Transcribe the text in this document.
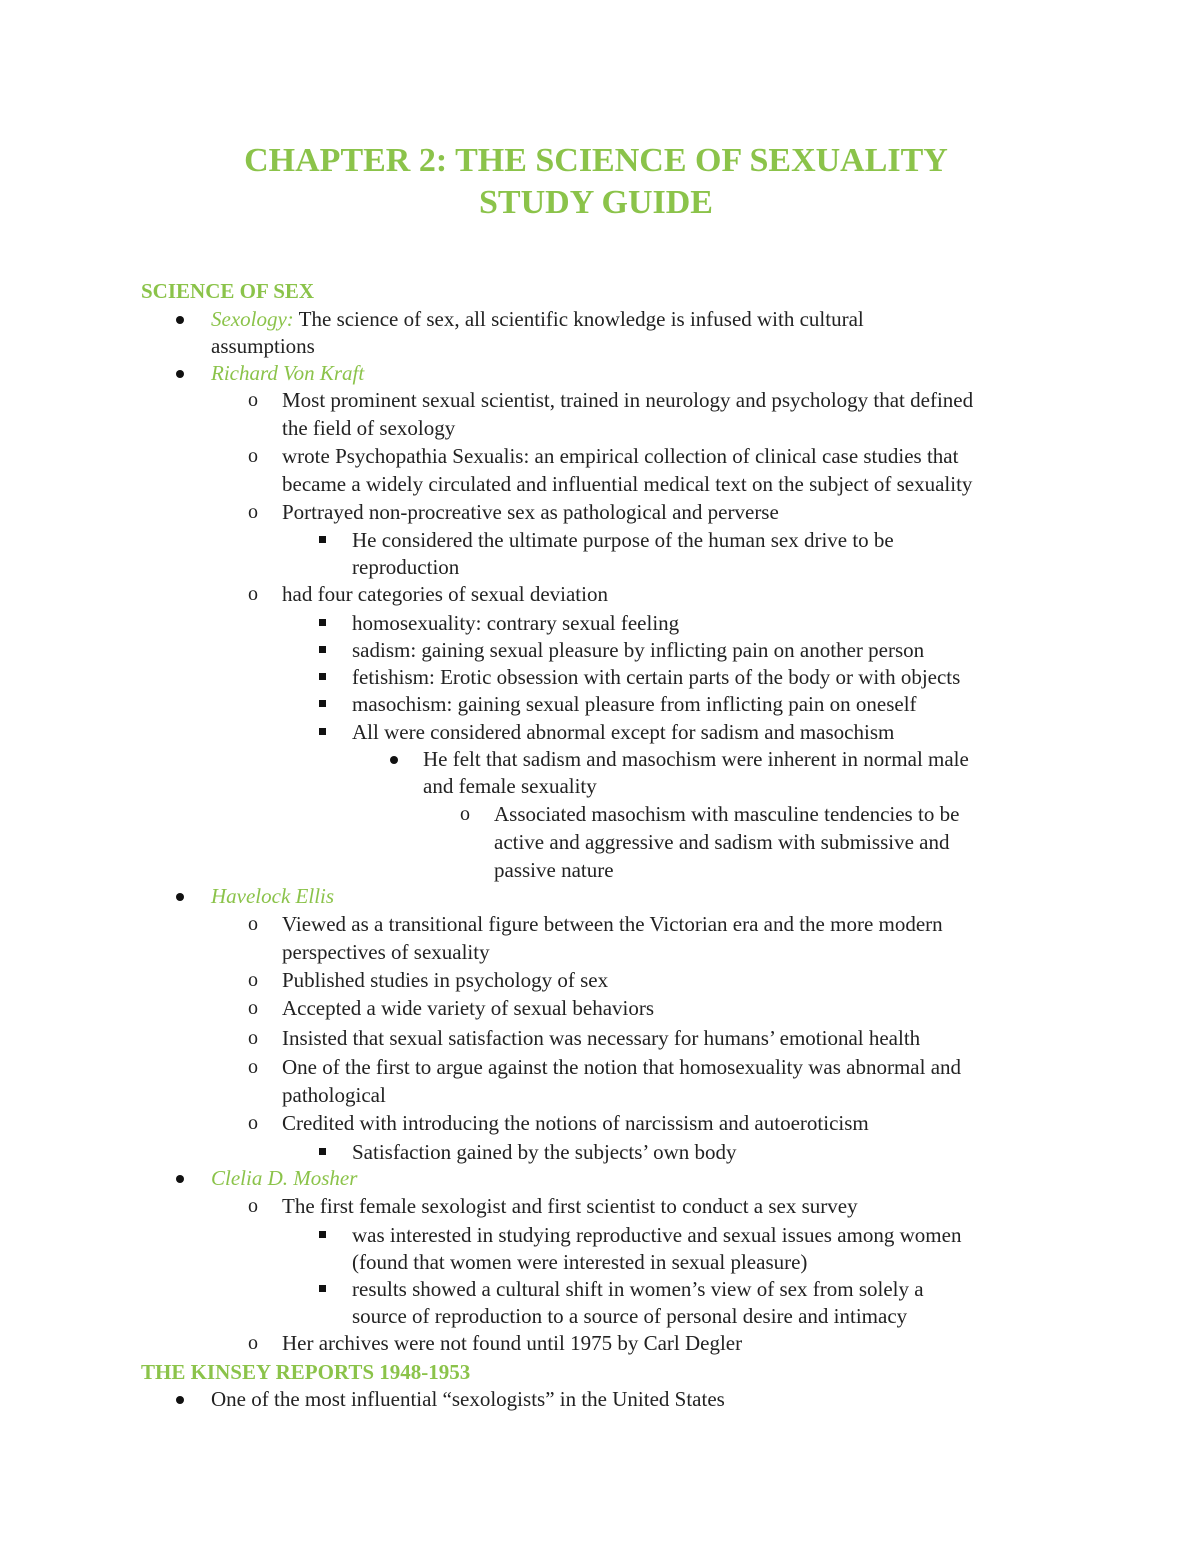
CHAPTER 2: THE SCIENCE OF SEXUALITY
STUDY GUIDE
SCIENCE OF SEX
Sexology: The science of sex, all scientific knowledge is infused with cultural
assumptions
Richard Von Kraft
o Most prominent sexual scientist, trained in neurology and psychology that defined
the field of sexology
o wrote Psychopathia Sexualis: an empirical collection of clinical case studies that
became a widely circulated and influential medical text on the subject of sexuality
o Portrayed non-procreative sex as pathological and perverse
He considered the ultimate purpose of the human sex drive to be
reproduction
o had four categories of sexual deviation
homosexuality: contrary sexual feeling
sadism: gaining sexual pleasure by inflicting pain on another person
fetishism: Erotic obsession with certain parts of the body or with objects
masochism: gaining sexual pleasure from inflicting pain on oneself
All were considered abnormal except for sadism and masochism
He felt that sadism and masochism were inherent in normal male
and female sexuality
o Associated masochism with masculine tendencies to be
active and aggressive and sadism with submissive and
passive nature
Havelock Ellis
o Viewed as a transitional figure between the Victorian era and the more modern
perspectives of sexuality
o Published studies in psychology of sex
o Accepted a wide variety of sexual behaviors
o Insisted that sexual satisfaction was necessary for humans’ emotional health
o One of the first to argue against the notion that homosexuality was abnormal and
pathological
o Credited with introducing the notions of narcissism and autoeroticism
Satisfaction gained by the subjects’ own body
Clelia D. Mosher
o The first female sexologist and first scientist to conduct a sex survey
was interested in studying reproductive and sexual issues among women
(found that women were interested in sexual pleasure)
results showed a cultural shift in women’s view of sex from solely a
source of reproduction to a source of personal desire and intimacy
o Her archives were not found until 1975 by Carl Degler
THE KINSEY REPORTS 1948-1953
One of the most influential “sexologists” in the United States
